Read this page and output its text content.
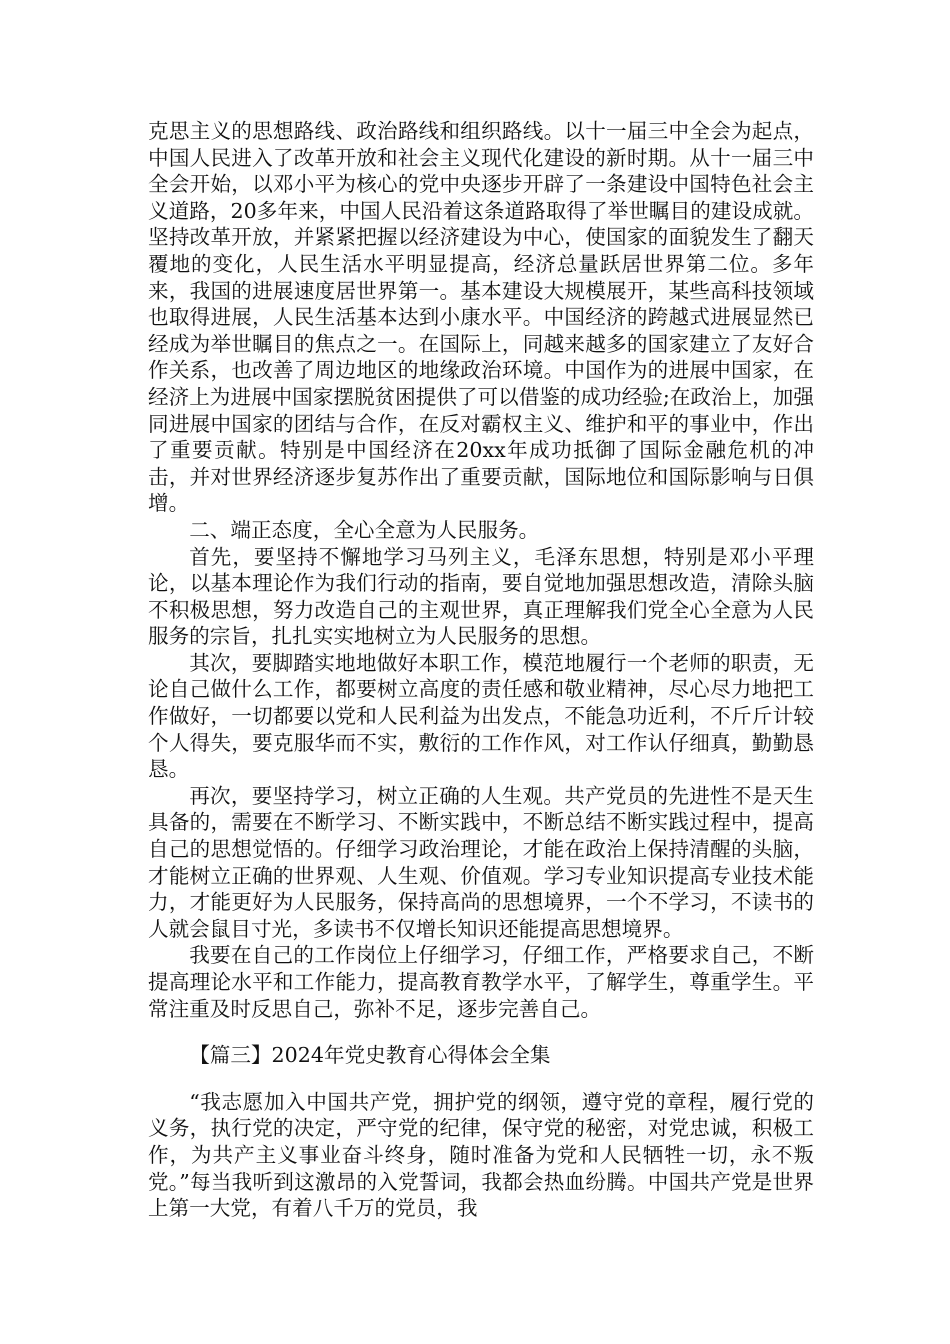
克思主义的思想路线、政治路线和组织路线。以十一届三中全会为起点，中国人民进入了改革开放和社会主义现代化建设的新时期。从十一届三中全会开始，以邓小平为核心的党中央逐步开辟了一条建设中国特色社会主义道路，20多年来，中国人民沿着这条道路取得了举世瞩目的建设成就。坚持改革开放，并紧紧把握以经济建设为中心，使国家的面貌发生了翻天覆地的变化，人民生活水平明显提高，经济总量跃居世界第二位。多年来，我国的进展速度居世界第一。基本建设大规模展开，某些高科技领域也取得进展，人民生活基本达到小康水平。中国经济的跨越式进展显然已经成为举世瞩目的焦点之一。在国际上，同越来越多的国家建立了友好合作关系，也改善了周边地区的地缘政治环境。中国作为的进展中国家，在经济上为进展中国家摆脱贫困提供了可以借鉴的成功经验;在政治上，加强同进展中国家的团结与合作，在反对霸权主义、维护和平的事业中，作出了重要贡献。特别是中国经济在20xx年成功抵御了国际金融危机的冲击，并对世界经济逐步复苏作出了重要贡献，国际地位和国际影响与日俱增。

二、端正态度，全心全意为人民服务。

首先，要坚持不懈地学习马列主义，毛泽东思想，特别是邓小平理论，以基本理论作为我们行动的指南，要自觉地加强思想改造，清除头脑不积极思想，努力改造自己的主观世界，真正理解我们党全心全意为人民服务的宗旨，扎扎实实地树立为人民服务的思想。

其次，要脚踏实地地做好本职工作，模范地履行一个老师的职责，无论自己做什么工作，都要树立高度的责任感和敬业精神，尽心尽力地把工作做好，一切都要以党和人民利益为出发点，不能急功近利，不斤斤计较个人得失，要克服华而不实，敷衍的工作作风，对工作认仔细真，勤勤恳恳。

再次，要坚持学习，树立正确的人生观。共产党员的先进性不是天生具备的，需要在不断学习、不断实践中，不断总结不断实践过程中，提高自己的思想觉悟的。仔细学习政治理论，才能在政治上保持清醒的头脑，才能树立正确的世界观、人生观、价值观。学习专业知识提高专业技术能力，才能更好为人民服务，保持高尚的思想境界，一个不学习，不读书的人就会鼠目寸光，多读书不仅增长知识还能提高思想境界。

我要在自己的工作岗位上仔细学习，仔细工作，严格要求自己，不断提高理论水平和工作能力，提高教育教学水平，了解学生，尊重学生。平常注重及时反思自己，弥补不足，逐步完善自己。

【篇三】2024年党史教育心得体会全集

“我志愿加入中国共产党，拥护党的纲领，遵守党的章程，履行党的义务，执行党的决定，严守党的纪律，保守党的秘密，对党忠诚，积极工作，为共产主义事业奋斗终身，随时准备为党和人民牺牲一切，永不叛党。”每当我听到这激昂的入党誓词，我都会热血纷腾。中国共产党是世界上第一大党，有着八千万的党员，我
